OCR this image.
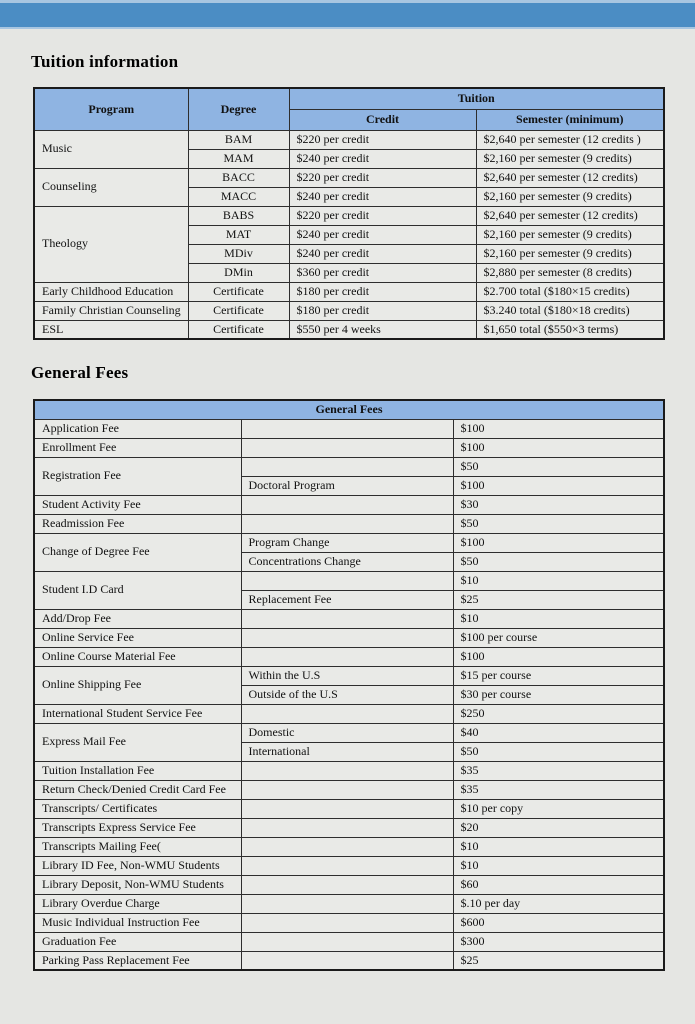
Tuition information
Program	Degree	Tuition	
		Credit	Semester (minimum)
Music	BAM	$220 per credit	$2,640 per semester (12 credits )
	MAM	$240 per credit	$2,160 per semester (9 credits)
Counseling	BACC	$220 per credit	$2,640 per semester (12 credits)
	MACC	$240 per credit	$2,160 per semester (9 credits)
Theology	BABS	$220 per credit	$2,640 per semester (12 credits)
	MAT	$240 per credit	$2,160 per semester (9 credits)
	MDiv	$240 per credit	$2,160 per semester (9 credits)
	DMin	$360 per credit	$2,880 per semester (8 credits)
Early Childhood Education	Certificate	$180 per credit	$2.700 total ($180×15 credits)
Family Christian Counseling	Certificate	$180 per credit	$3.240 total ($180×18 credits)
ESL	Certificate	$550 per 4 weeks	$1,650 total ($550×3 terms)
General Fees
General Fees		
Application Fee		$100
Enrollment Fee		$100
Registration Fee		$50
	Doctoral Program	$100
Student Activity Fee		$30
Readmission Fee		$50
Change of Degree Fee	Program Change	$100
	Concentrations Change	$50
Student I.D Card		$10
	Replacement Fee	$25
Add/Drop Fee		$10
Online Service Fee		$100 per course
Online Course Material Fee		$100
Online Shipping Fee	Within the U.S	$15 per course
	Outside of the U.S	$30 per course
International Student Service Fee		$250
Express Mail Fee	Domestic	$40
	International	$50
Tuition Installation Fee		$35
Return Check/Denied Credit Card Fee		$35
Transcripts/ Certificates		$10 per copy
Transcripts Express Service Fee		$20
Transcripts Mailing Fee(		$10
Library ID Fee, Non-WMU Students		$10
Library Deposit, Non-WMU Students		$60
Library Overdue Charge		$.10 per day
Music Individual Instruction Fee		$600
Graduation Fee		$300
Parking Pass Replacement Fee		$25
